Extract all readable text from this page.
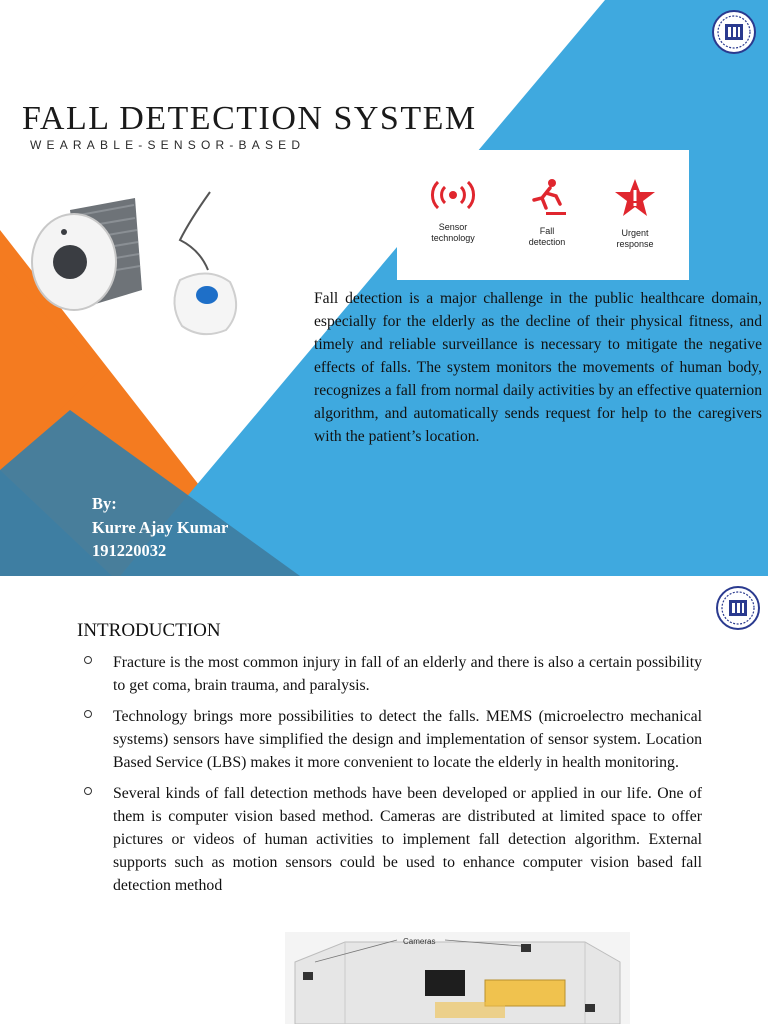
FALL DETECTION SYSTEM
WEARABLE-SENSOR-BASED
Sensor
technology
Fall
detection
Urgent
response

Fall detection is a major challenge in the public healthcare domain, especially for the elderly as the decline of their physical fitness, and timely and reliable surveillance is necessary to mitigate the negative effects of falls. The system monitors the movements of human body, recognizes a fall from normal daily activities by an effective quaternion algorithm, and automatically sends request for help to the caregivers with the patient’s location.

By:
Kurre Ajay Kumar
191220032
INTRODUCTION
Fracture is the most common injury in fall of an elderly and there is also a certain possibility to get coma, brain trauma, and paralysis.
Technology brings more possibilities to detect the falls. MEMS (microelectro mechanical systems) sensors have simplified the design and implementation of sensor system. Location Based Service (LBS) makes it more convenient to locate the elderly in health monitoring.
Several kinds of fall detection methods have been developed or applied in our life. One of them is computer vision based method. Cameras are distributed at limited space to offer pictures or videos of human activities to implement fall detection algorithm. External supports such as motion sensors could be used to enhance computer vision based fall detection method
Cameras
